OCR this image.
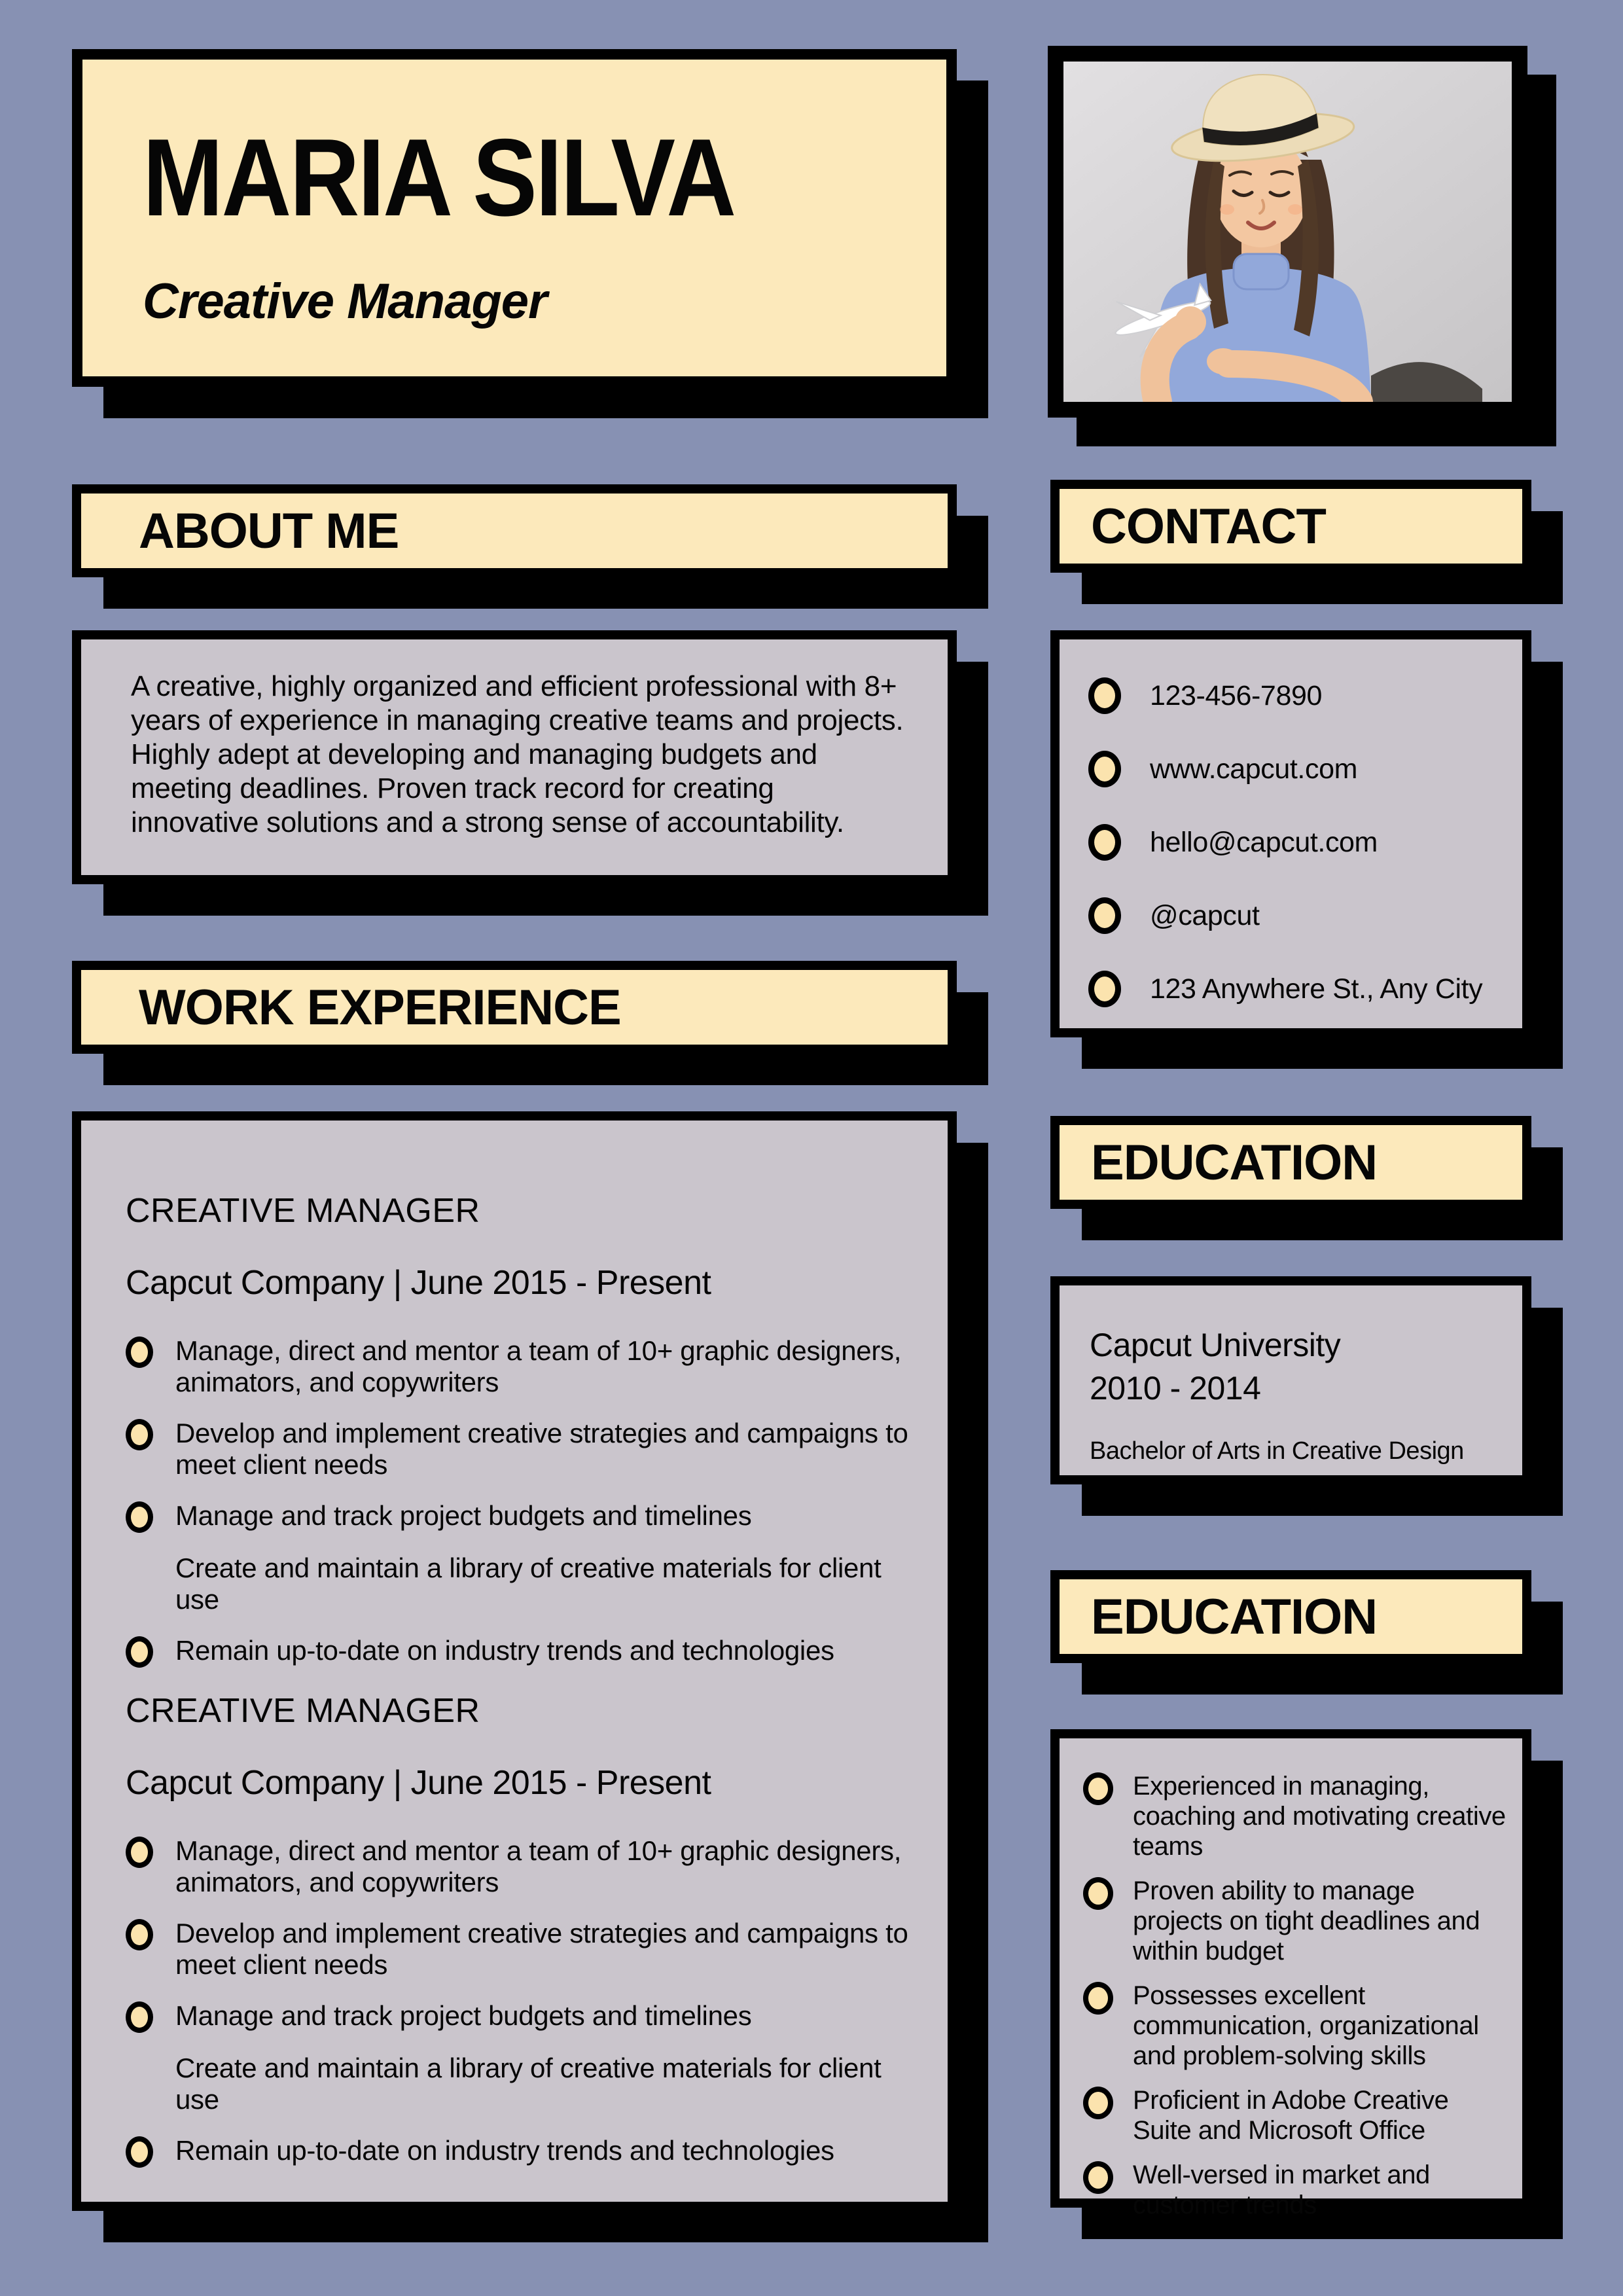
MARIA SILVA
Creative Manager
ABOUT ME

A creative, highly organized and efficient professional with 8+ years of experience in managing creative teams and projects. Highly adept at developing and managing budgets and meeting deadlines. Proven track record for creating innovative solutions and a strong sense of accountability.

WORK EXPERIENCE
CREATIVE MANAGER
Capcut Company | June 2015 - Present
Manage, direct and mentor a team of 10+ graphic designers, animators, and copywriters
Develop and implement creative strategies and campaigns to meet client needs
Manage and track project budgets and timelines
Create and maintain a library of creative materials for client use
Remain up-to-date on industry trends and technologies
CREATIVE MANAGER
Capcut Company | June 2015 - Present
Manage, direct and mentor a team of 10+ graphic designers, animators, and copywriters
Develop and implement creative strategies and campaigns to meet client needs
Manage and track project budgets and timelines
Create and maintain a library of creative materials for client use
Remain up-to-date on industry trends and technologies
CONTACT
123-456-7890
www.capcut.com
hello@capcut.com
@capcut
123 Anywhere St., Any City
EDUCATION
Capcut University
2010 - 2014
Bachelor of Arts in Creative Design
EDUCATION
Experienced in managing, coaching and motivating creative teams
Proven ability to manage projects on tight deadlines and within budget
Possesses excellent communication, organizational and problem-solving skills
Proficient in Adobe Creative Suite and Microsoft Office
Well-versed in market and customer trends
